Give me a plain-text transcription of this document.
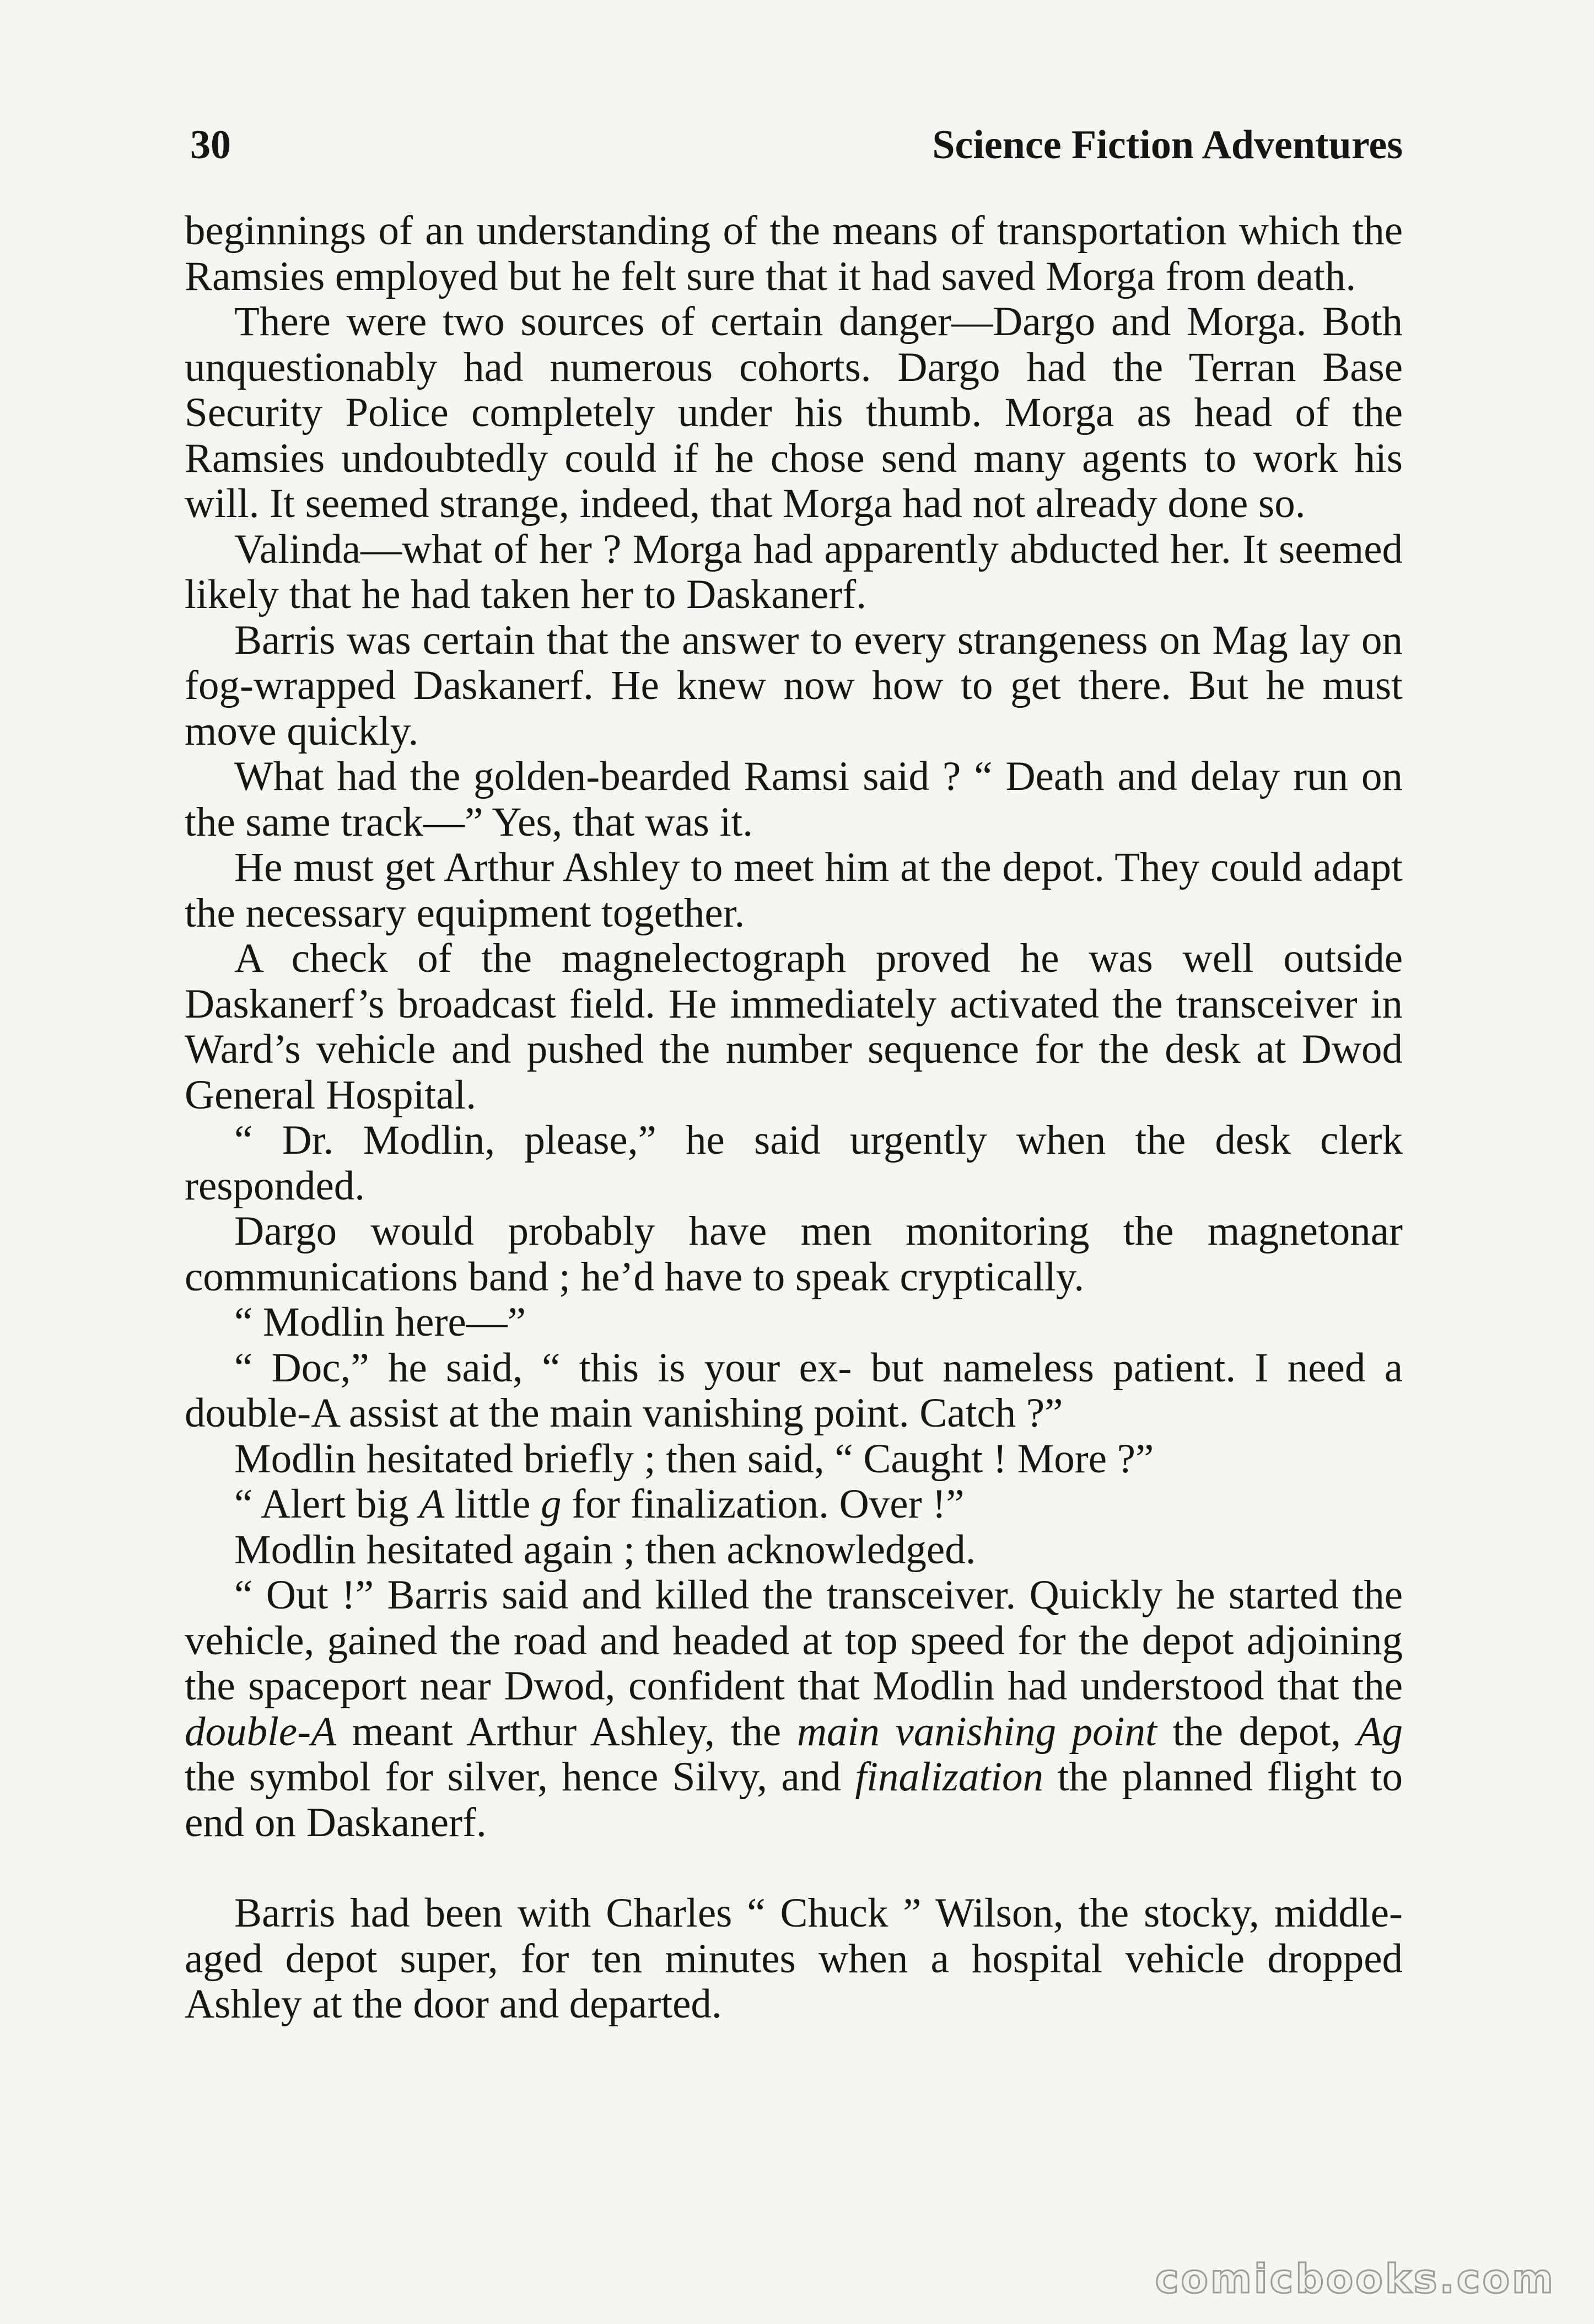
30	Science Fiction Adventures

beginnings of an understanding of the means of transportation which the Ramsies employed but he felt sure that it had saved Morga from death.

There were two sources of certain danger—Dargo and Morga. Both unquestionably had numerous cohorts. Dargo had the Terran Base Security Police completely under his thumb. Morga as head of the Ramsies undoubtedly could if he chose send many agents to work his will. It seemed strange, indeed, that Morga had not already done so.

Valinda—what of her ? Morga had apparently abducted her. It seemed likely that he had taken her to Daskanerf.

Barris was certain that the answer to every strangeness on Mag lay on fog-wrapped Daskanerf. He knew now how to get there. But he must move quickly.

What had the golden-bearded Ramsi said ? “ Death and delay run on the same track—” Yes, that was it.

He must get Arthur Ashley to meet him at the depot. They could adapt the necessary equipment together.

A check of the magnelectograph proved he was well outside Daskanerf’s broadcast field. He immediately activated the transceiver in Ward’s vehicle and pushed the number sequence for the desk at Dwod General Hospital.

“ Dr. Modlin, please,” he said urgently when the desk clerk responded.

Dargo would probably have men monitoring the magnetonar communications band ; he’d have to speak cryptically.

“ Modlin here—”

“ Doc,” he said, “ this is your ex- but nameless patient. I need a double-A assist at the main vanishing point. Catch ?”

Modlin hesitated briefly ; then said, “ Caught ! More ?”

“ Alert big A little g for finalization. Over !”

Modlin hesitated again ; then acknowledged.

“ Out !” Barris said and killed the transceiver. Quickly he started the vehicle, gained the road and headed at top speed for the depot adjoining the spaceport near Dwod, confident that Modlin had understood that the double-A meant Arthur Ashley, the main vanishing point the depot, Ag the symbol for silver, hence Silvy, and finalization the planned flight to end on Daskanerf.

Barris had been with Charles “ Chuck ” Wilson, the stocky, middle-aged depot super, for ten minutes when a hospital vehicle dropped Ashley at the door and departed.

comicbooks.com
